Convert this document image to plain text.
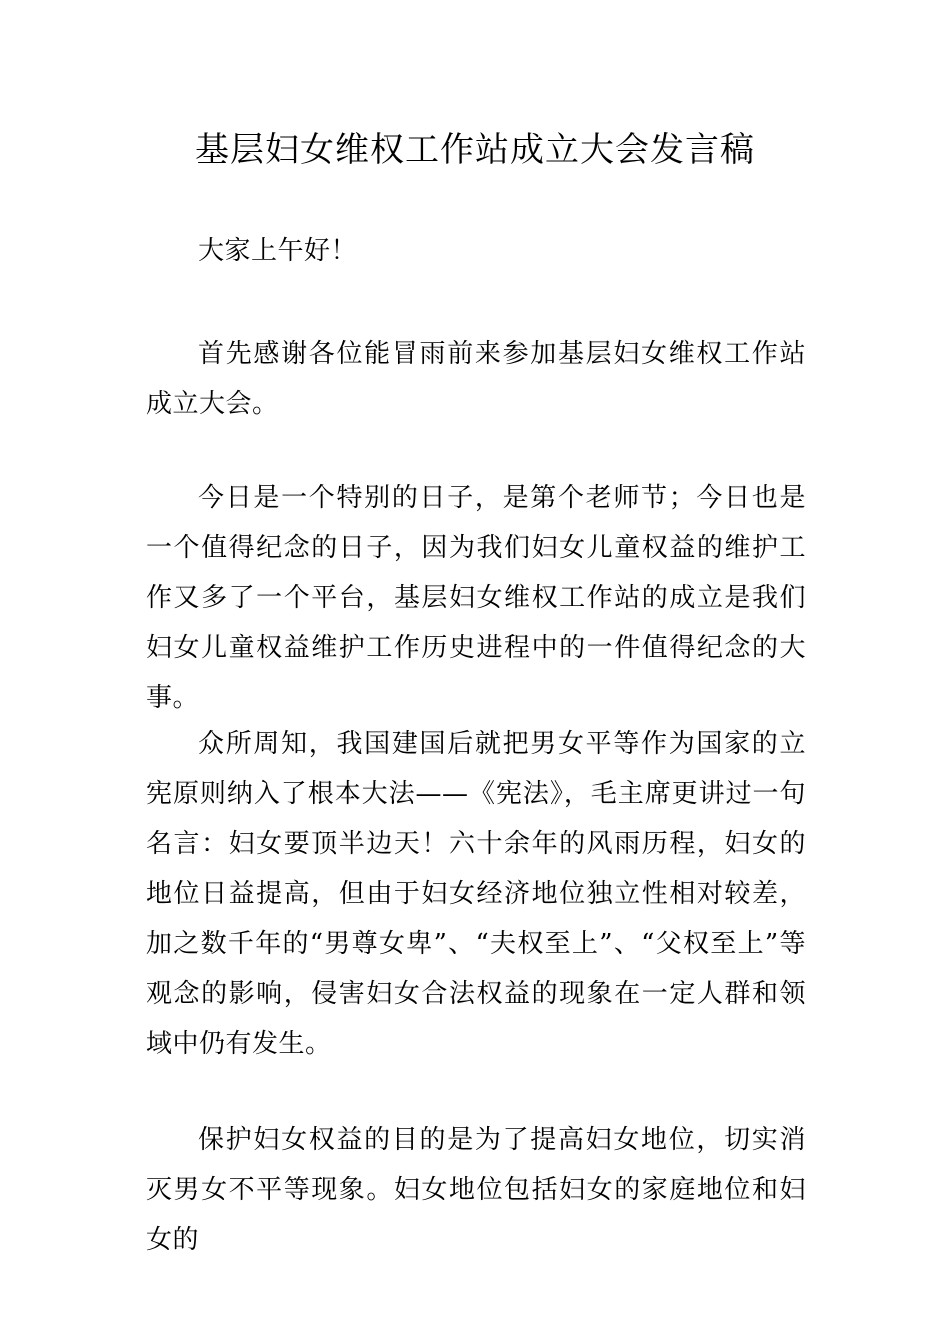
基层妇女维权工作站成立大会发言稿

大家上午好！

首先感谢各位能冒雨前来参加基层妇女维权工作站成立大会。

今日是一个特别的日子，是第个老师节；今日也是一个值得纪念的日子，因为我们妇女儿童权益的维护工作又多了一个平台，基层妇女维权工作站的成立是我们妇女儿童权益维护工作历史进程中的一件值得纪念的大事。

众所周知，我国建国后就把男女平等作为国家的立宪原则纳入了根本大法——《宪法》，毛主席更讲过一句名言：妇女要顶半边天！六十余年的风雨历程，妇女的地位日益提高，但由于妇女经济地位独立性相对较差，加之数千年的“男尊女卑”、“夫权至上”、“父权至上”等观念的影响，侵害妇女合法权益的现象在一定人群和领域中仍有发生。

保护妇女权益的目的是为了提高妇女地位，切实消灭男女不平等现象。妇女地位包括妇女的家庭地位和妇女的
